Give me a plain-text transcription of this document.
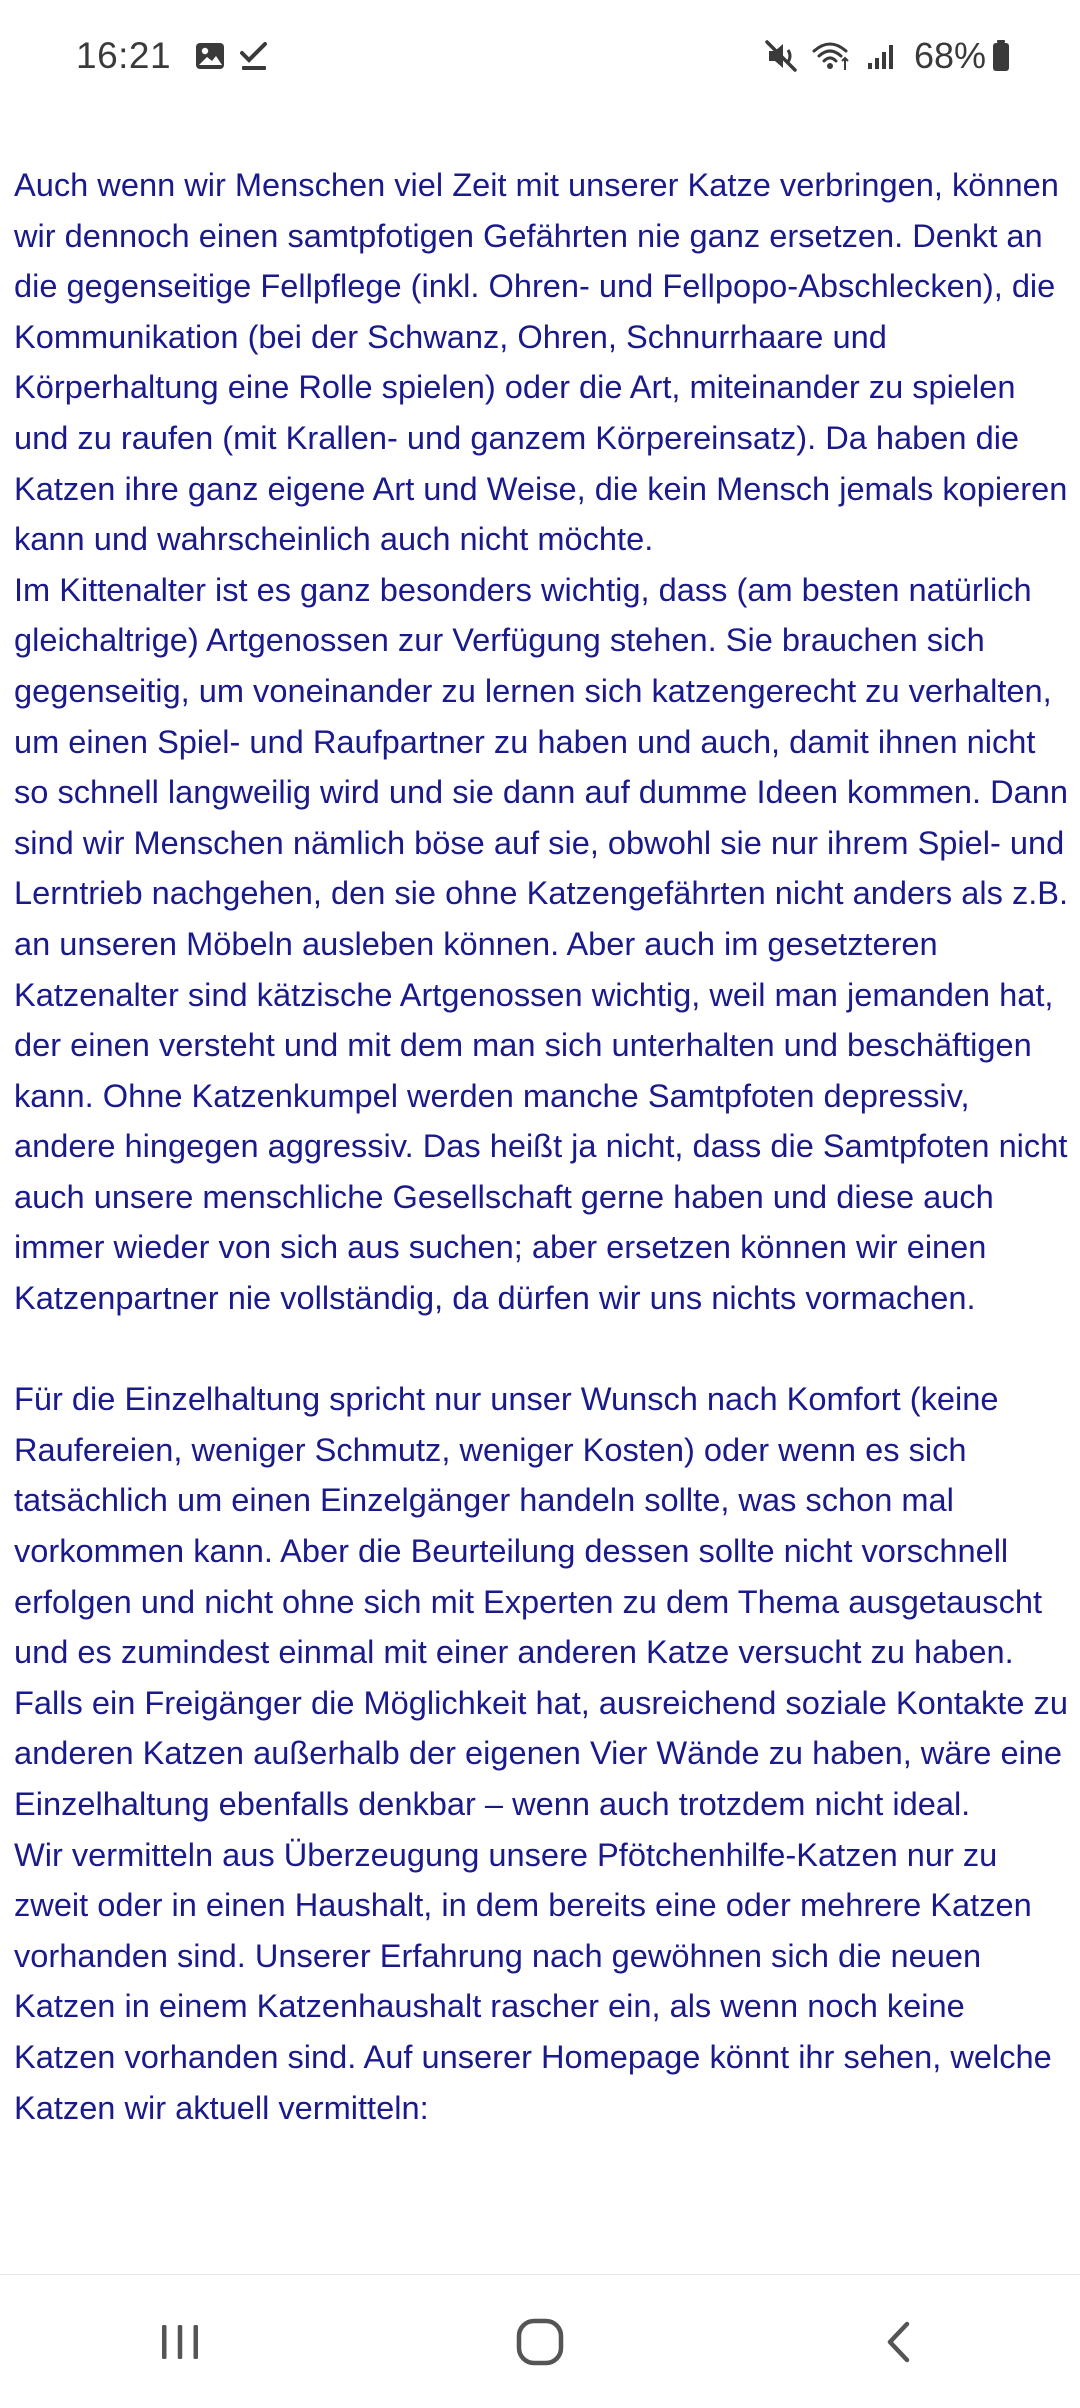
16:21	68%

Auch wenn wir Menschen viel Zeit mit unserer Katze verbringen, können wir dennoch einen samtpfotigen Gefährten nie ganz ersetzen. Denkt an die gegenseitige Fellpflege (inkl. Ohren- und Fellpopo-Abschlecken), die Kommunikation (bei der Schwanz, Ohren, Schnurrhaare und Körperhaltung eine Rolle spielen) oder die Art, miteinander zu spielen und zu raufen (mit Krallen- und ganzem Körpereinsatz). Da haben die Katzen ihre ganz eigene Art und Weise, die kein Mensch jemals kopieren kann und wahrscheinlich auch nicht möchte.

Im Kittenalter ist es ganz besonders wichtig, dass (am besten natürlich gleichaltrige) Artgenossen zur Verfügung stehen. Sie brauchen sich gegenseitig, um voneinander zu lernen sich katzengerecht zu verhalten, um einen Spiel- und Raufpartner zu haben und auch, damit ihnen nicht so schnell langweilig wird und sie dann auf dumme Ideen kommen. Dann sind wir Menschen nämlich böse auf sie, obwohl sie nur ihrem Spiel- und Lerntrieb nachgehen, den sie ohne Katzengefährten nicht anders als z.B. an unseren Möbeln ausleben können. Aber auch im gesetzteren Katzenalter sind kätzische Artgenossen wichtig, weil man jemanden hat, der einen versteht und mit dem man sich unterhalten und beschäftigen kann. Ohne Katzenkumpel werden manche Samtpfoten depressiv, andere hingegen aggressiv. Das heißt ja nicht, dass die Samtpfoten nicht auch unsere menschliche Gesellschaft gerne haben und diese auch immer wieder von sich aus suchen; aber ersetzen können wir einen Katzenpartner nie vollständig, da dürfen wir uns nichts vormachen.

Für die Einzelhaltung spricht nur unser Wunsch nach Komfort (keine Raufereien, weniger Schmutz, weniger Kosten) oder wenn es sich tatsächlich um einen Einzelgänger handeln sollte, was schon mal vorkommen kann. Aber die Beurteilung dessen sollte nicht vorschnell erfolgen und nicht ohne sich mit Experten zu dem Thema ausgetauscht und es zumindest einmal mit einer anderen Katze versucht zu haben. Falls ein Freigänger die Möglichkeit hat, ausreichend soziale Kontakte zu anderen Katzen außerhalb der eigenen Vier Wände zu haben, wäre eine Einzelhaltung ebenfalls denkbar – wenn auch trotzdem nicht ideal.

Wir vermitteln aus Überzeugung unsere Pfötchenhilfe-Katzen nur zu zweit oder in einen Haushalt, in dem bereits eine oder mehrere Katzen vorhanden sind. Unserer Erfahrung nach gewöhnen sich die neuen Katzen in einem Katzenhaushalt rascher ein, als wenn noch keine Katzen vorhanden sind. Auf unserer Homepage könnt ihr sehen, welche Katzen wir aktuell vermitteln:
